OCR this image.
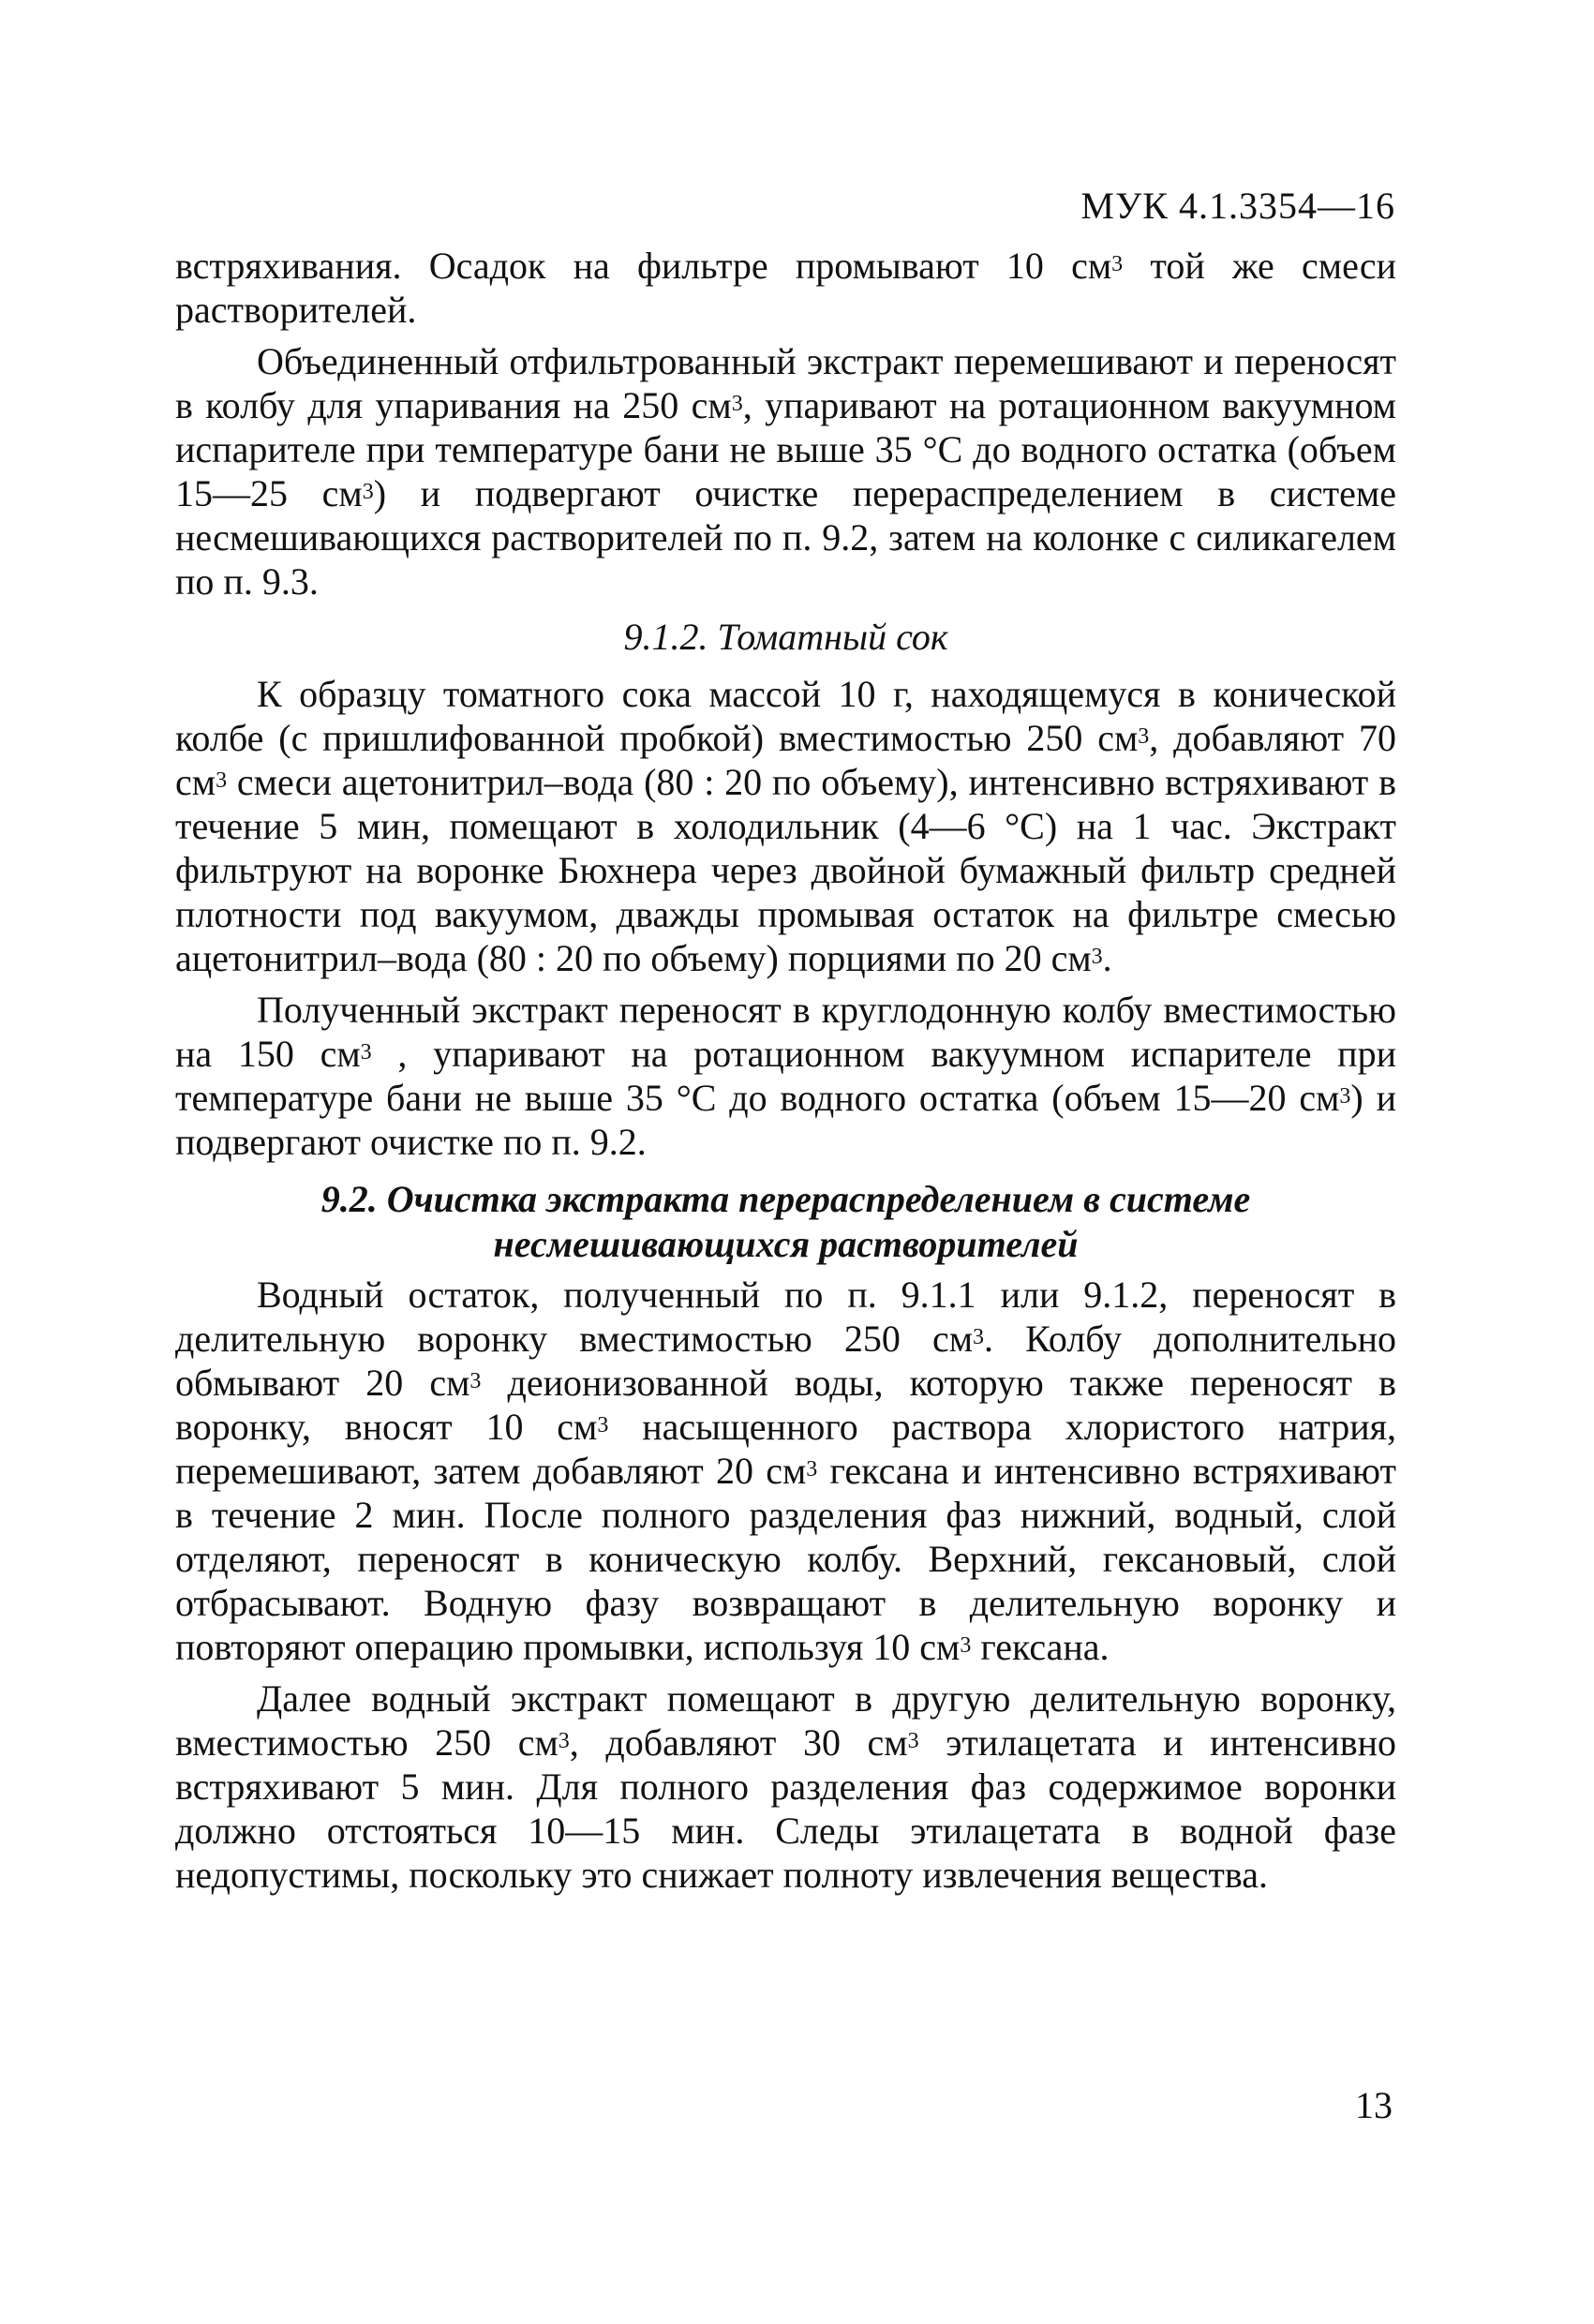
МУК 4.1.3354—16

встряхивания. Осадок на фильтре промывают 10 $см^3$ той же смеси растворителей.

Объединенный отфильтрованный экстракт перемешивают и переносят в колбу для упаривания на 250 $см^3$, упаривают на ротационном вакуумном испарителе при температуре бани не выше 35 °С до водного остатка (объем 15—25 $см^3$) и подвергают очистке перераспределением в системе несмешивающихся растворителей по п. 9.2, затем на колонке с силикагелем по п. 9.3.

9.1.2. Томатный сок

К образцу томатного сока массой 10 г, находящемуся в конической колбе (с пришлифованной пробкой) вместимостью 250 $см^3$, добавляют 70 $см^3$ смеси ацетонитрил–вода (80 : 20 по объему), интенсивно встряхивают в течение 5 мин, помещают в холодильник (4—6 °С) на 1 час. Экстракт фильтруют на воронке Бюхнера через двойной бумажный фильтр средней плотности под вакуумом, дважды промывая остаток на фильтре смесью ацетонитрил–вода (80 : 20 по объему) порциями по 20 $см^3$.

Полученный экстракт переносят в круглодонную колбу вместимостью на 150 $см^3$ , упаривают на ротационном вакуумном испарителе при температуре бани не выше 35 °С до водного остатка (объем 15—20 $см^3$) и подвергают очистке по п. 9.2.

9.2. Очистка экстракта перераспределением в системе
несмешивающихся растворителей

Водный остаток, полученный по п. 9.1.1 или 9.1.2, переносят в делительную воронку вместимостью 250 $см^3$. Колбу дополнительно обмывают 20 $см^3$ деионизованной воды, которую также переносят в воронку, вносят 10 $см^3$ насыщенного раствора хлористого натрия, перемешивают, затем добавляют 20 $см^3$ гексана и интенсивно встряхивают в течение 2 мин. После полного разделения фаз нижний, водный, слой отделяют, переносят в коническую колбу. Верхний, гексановый, слой отбрасывают. Водную фазу возвращают в делительную воронку и повторяют операцию промывки, используя 10 $см^3$ гексана.

Далее водный экстракт помещают в другую делительную воронку, вместимостью 250 $см^3$, добавляют 30 $см^3$ этилацетата и интенсивно встряхивают 5 мин. Для полного разделения фаз содержимое воронки должно отстояться 10—15 мин. Следы этилацетата в водной фазе недопустимы, поскольку это снижает полноту извлечения вещества.

13
